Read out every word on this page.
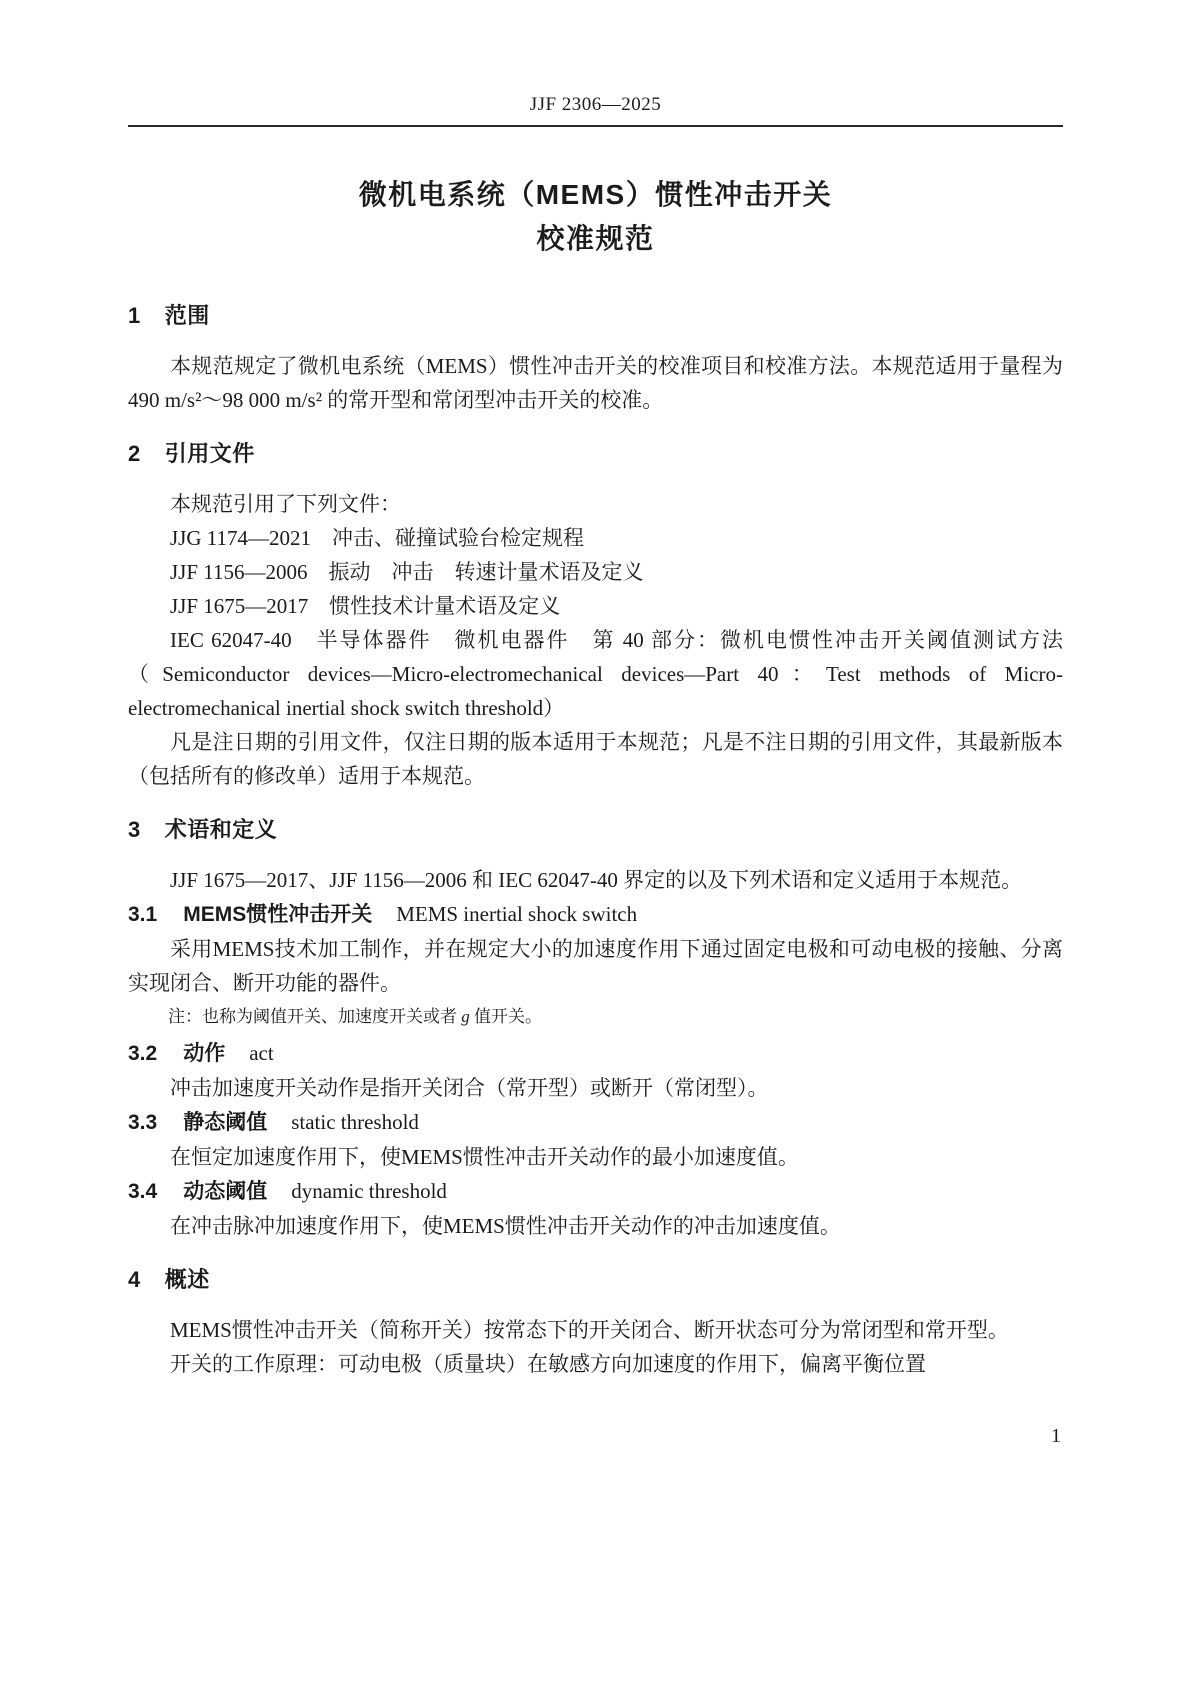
JJF 2306—2025
微机电系统（MEMS）惯性冲击开关
校准规范
1 范围

本规范规定了微机电系统（MEMS）惯性冲击开关的校准项目和校准方法。本规范适用于量程为 490 m/s²～98 000 m/s² 的常开型和常闭型冲击开关的校准。

2 引用文件

本规范引用了下列文件：

JJG 1174—2021　冲击、碰撞试验台检定规程

JJF 1156—2006　振动　冲击　转速计量术语及定义

JJF 1675—2017　惯性技术计量术语及定义

IEC 62047-40　半导体器件　微机电器件　第 40 部分：微机电惯性冲击开关阈值测试方法（Semiconductor devices—Micro-electromechanical devices—Part 40：Test methods of Micro-electromechanical inertial shock switch threshold）

凡是注日期的引用文件，仅注日期的版本适用于本规范；凡是不注日期的引用文件，其最新版本（包括所有的修改单）适用于本规范。

3 术语和定义

JJF 1675—2017、JJF 1156—2006 和 IEC 62047-40 界定的以及下列术语和定义适用于本规范。

3.1 MEMS惯性冲击开关 MEMS inertial shock switch

采用MEMS技术加工制作，并在规定大小的加速度作用下通过固定电极和可动电极的接触、分离实现闭合、断开功能的器件。

注：也称为阈值开关、加速度开关或者 g 值开关。

3.2 动作 act

冲击加速度开关动作是指开关闭合（常开型）或断开（常闭型）。

3.3 静态阈值 static threshold

在恒定加速度作用下，使MEMS惯性冲击开关动作的最小加速度值。

3.4 动态阈值 dynamic threshold

在冲击脉冲加速度作用下，使MEMS惯性冲击开关动作的冲击加速度值。

4 概述

MEMS惯性冲击开关（简称开关）按常态下的开关闭合、断开状态可分为常闭型和常开型。

开关的工作原理：可动电极（质量块）在敏感方向加速度的作用下，偏离平衡位置

1
